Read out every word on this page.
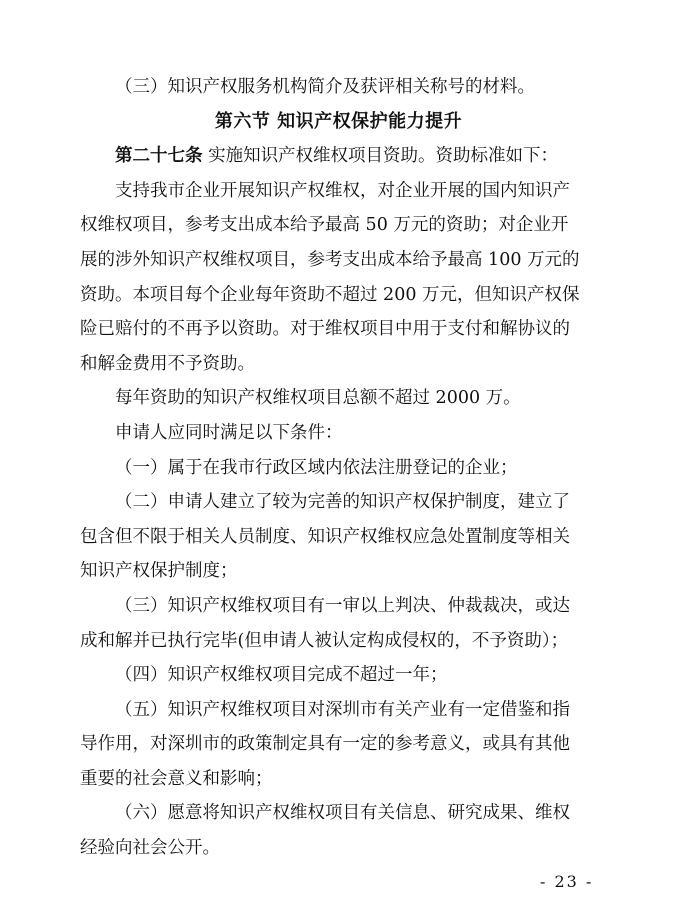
（三）知识产权服务机构简介及获评相关称号的材料。

第六节 知识产权保护能力提升

第二十七条 实施知识产权维权项目资助。资助标准如下：

支持我市企业开展知识产权维权，对企业开展的国内知识产

权维权项目，参考支出成本给予最高 50 万元的资助；对企业开

展的涉外知识产权维权项目，参考支出成本给予最高 100 万元的

资助。本项目每个企业每年资助不超过 200 万元，但知识产权保

险已赔付的不再予以资助。对于维权项目中用于支付和解协议的

和解金费用不予资助。

每年资助的知识产权维权项目总额不超过 2000 万。

申请人应同时满足以下条件：

（一）属于在我市行政区域内依法注册登记的企业；

（二）申请人建立了较为完善的知识产权保护制度，建立了

包含但不限于相关人员制度、知识产权维权应急处置制度等相关

知识产权保护制度；

（三）知识产权维权项目有一审以上判决、仲裁裁决，或达

成和解并已执行完毕(但申请人被认定构成侵权的，不予资助）；

（四）知识产权维权项目完成不超过一年；

（五）知识产权维权项目对深圳市有关产业有一定借鉴和指

导作用，对深圳市的政策制定具有一定的参考意义，或具有其他

重要的社会意义和影响；

（六）愿意将知识产权维权项目有关信息、研究成果、维权

经验向社会公开。

- 23 -
